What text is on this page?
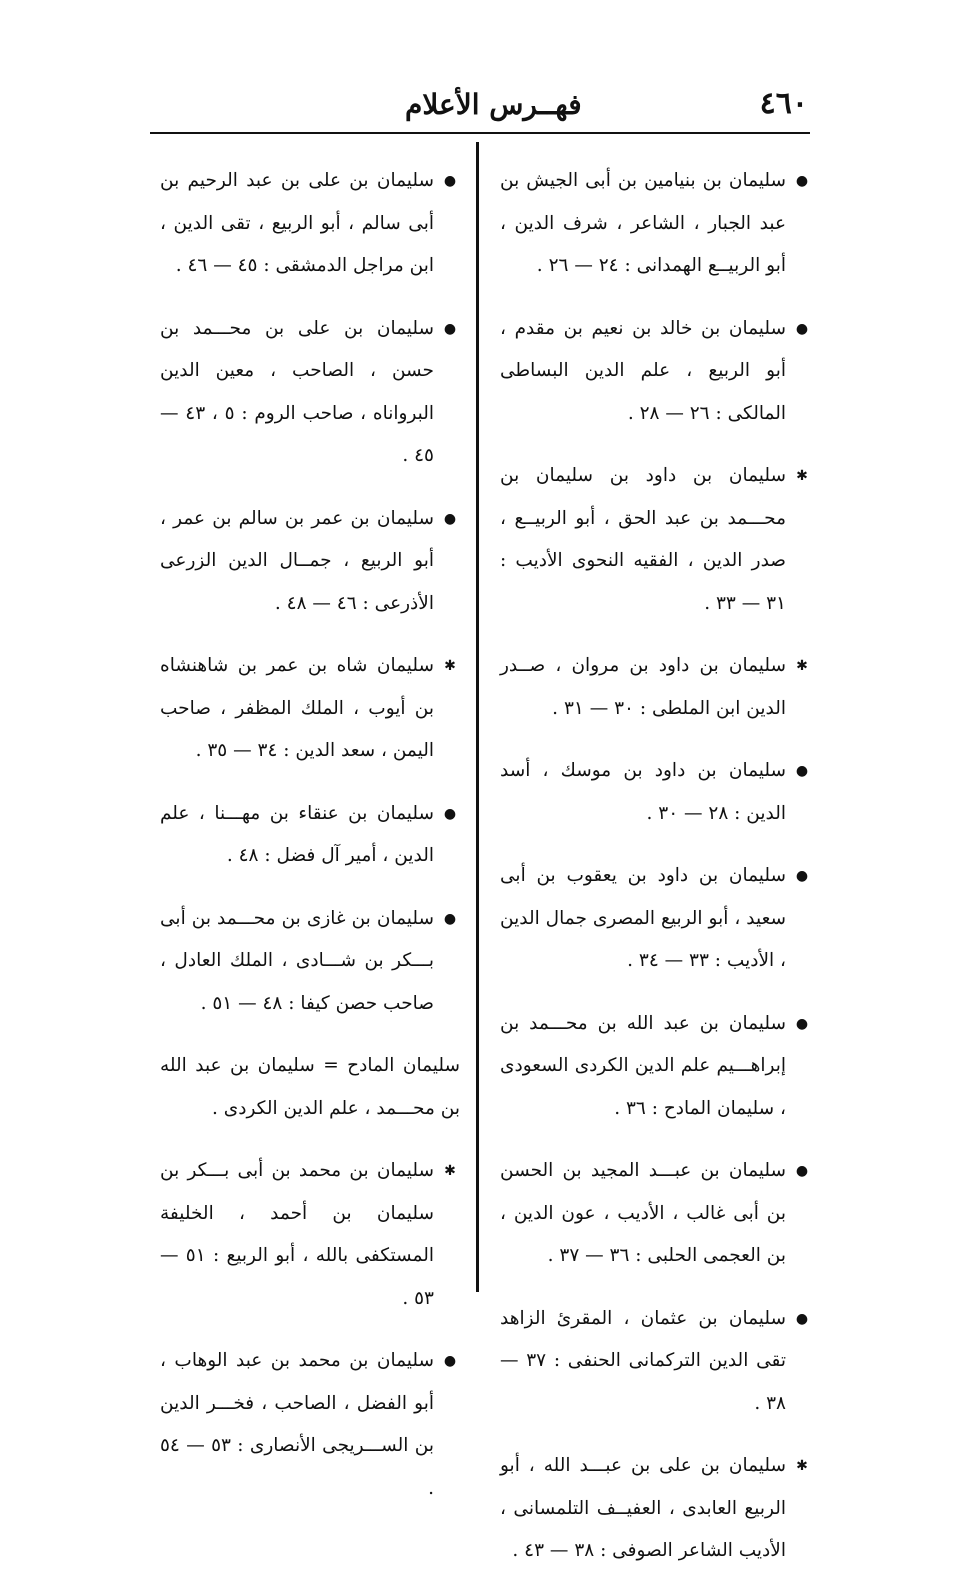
٤٦٠
فهــرس الأعلام
●
سليمان بن بنيامين بن أبى الجيش بن عبد الجبار ، الشاعر ، شرف الدين ، أبو الربيــع الهمدانى : ٢٤ — ٢٦ .
●
سليمان بن خالد بن نعيم بن مقدم ، أبو الربيع ، علم الدين البساطى المالكى : ٢٦ — ٢٨ .
✱
سليمان بن داود بن سليمان بن محـــمد بن عبد الحق ، أبو الربيــع ، صدر الدين ، الفقيه النحوى الأديب : ٣١ — ٣٣ .
✱
سليمان بن داود بن مروان ، صــدر الدين ابن الملطى : ٣٠ — ٣١ .
●
سليمان بن داود بن موسك ، أسد الدين : ٢٨ — ٣٠ .
●
سليمان بن داود بن يعقوب بن أبى سعيد ، أبو الربيع المصرى جمال الدين ، الأديب : ٣٣ — ٣٤ .
●
سليمان بن عبد الله بن محـــمد بن إبراهـــيم علم الدين الكردى السعودى ، سليمان المادح : ٣٦ .
●
سليمان بن عبـــد المجيد بن الحسن بن أبى غالب ، الأديب ، عون الدين ، بن العجمى الحلبى : ٣٦ — ٣٧ .
●
سليمان بن عثمان ، المقرئ الزاهد تقى الدين التركمانى الحنفى : ٣٧ — ٣٨ .
✱
سليمان بن على بن عبـــد الله ، أبو الربيع العابدى ، العفيــف التلمسانى ، الأديب الشاعر الصوفى : ٣٨ — ٤٣ .
●
سليمان بن على بن عبد الرحيم بن أبى سالم ، أبو الربيع ، تقى الدين ، ابن مراجل الدمشقى : ٤٥ — ٤٦ .
●
سليمان بن على بن محـــمد بن حسن ، الصاحب ، معين الدين البرواناه ، صاحب الروم : ٥ ، ٤٣ — ٤٥ .
●
سليمان بن عمر بن سالم بن عمر ، أبو الربيع ، جمــال الدين الزرعى الأذرعى : ٤٦ — ٤٨ .
✱
سليمان شاه بن عمر بن شاهنشاه بن أيوب ، الملك المظفر ، صاحب اليمن ، سعد الدين : ٣٤ — ٣٥ .
●
سليمان بن عنقاء بن مهـــنا ، علم الدين ، أمير آل فضل : ٤٨ .
●
سليمان بن غازى بن محـــمد بن أبى بـــكر بن شـــادى ، الملك العادل ، صاحب حصن كيفا : ٤٨ — ٥١ .
سليمان المادح = سليمان بن عبد الله بن محـــمد ، علم الدين الكردى .
✱
سليمان بن محمد بن أبى بـــكر بن سليمان بن أحمد ، الخليفة المستكفى بالله ، أبو الربيع : ٥١ — ٥٣ .
●
سليمان بن محمد بن عبد الوهاب ، أبو الفضل ، الصاحب ، فخـــر الدين بن الســـريجى الأنصارى : ٥٣ — ٥٤ .
